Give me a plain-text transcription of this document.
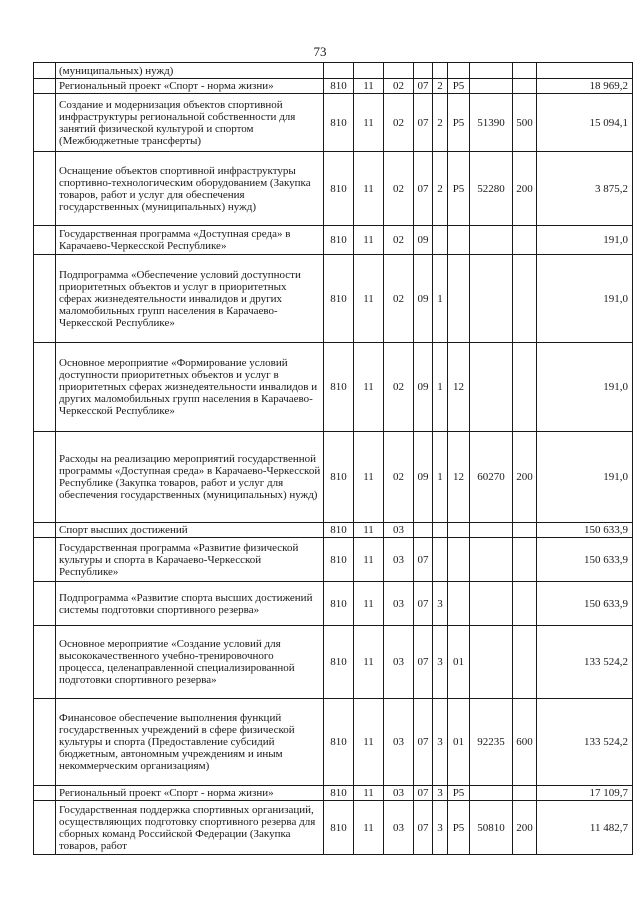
73
	(муниципальных) нужд)									
	Региональный проект «Спорт - норма жизни»	810	11	02	07	2	P5			18 969,2
	Создание и модернизация объектов спортивной инфраструктуры региональной собственности для занятий физической культурой и спортом (Межбюджетные трансферты)	810	11	02	07	2	P5	51390	500	15 094,1
	Оснащение объектов спортивной инфраструктуры спортивно-технологическим оборудованием (Закупка товаров, работ и услуг для обеспечения государственных (муниципальных) нужд)	810	11	02	07	2	P5	52280	200	3 875,2
	Государственная программа «Доступная среда» в Карачаево-Черкесской Республике»	810	11	02	09					191,0
	Подпрограмма «Обеспечение условий доступности приоритетных объектов и услуг в приоритетных сферах жизнедеятельности инвалидов и других маломобильных групп населения в Карачаево-Черкесской Республике»	810	11	02	09	1				191,0
	Основное мероприятие «Формирование условий доступности приоритетных объектов и услуг в приоритетных сферах жизнедеятельности инвалидов и других маломобильных групп населения в Карачаево-Черкесской Республике»	810	11	02	09	1	12			191,0
	Расходы на реализацию мероприятий государственной программы «Доступная среда» в Карачаево-Черкесской Республике (Закупка товаров, работ и услуг для обеспечения государственных (муниципальных) нужд)	810	11	02	09	1	12	60270	200	191,0
	Спорт высших достижений	810	11	03						150 633,9
	Государственная программа «Развитие физической культуры и спорта в Карачаево-Черкесской Республике»	810	11	03	07					150 633,9
	Подпрограмма «Развитие спорта высших достижений системы подготовки спортивного резерва»	810	11	03	07	3				150 633,9
	Основное мероприятие «Создание условий для высококачественного учебно-тренировочного процесса, целенаправленной специализированной подготовки спортивного резерва»	810	11	03	07	3	01			133 524,2
	Финансовое обеспечение выполнения функций государственных учреждений в сфере физической культуры и спорта (Предоставление субсидий бюджетным, автономным учреждениям и иным некоммерческим организациям)	810	11	03	07	3	01	92235	600	133 524,2
	Региональный проект «Спорт - норма жизни»	810	11	03	07	3	P5			17 109,7
	Государственная поддержка спортивных организаций, осуществляющих подготовку спортивного резерва для сборных команд Российской Федерации (Закупка товаров, работ	810	11	03	07	3	P5	50810	200	11 482,7
